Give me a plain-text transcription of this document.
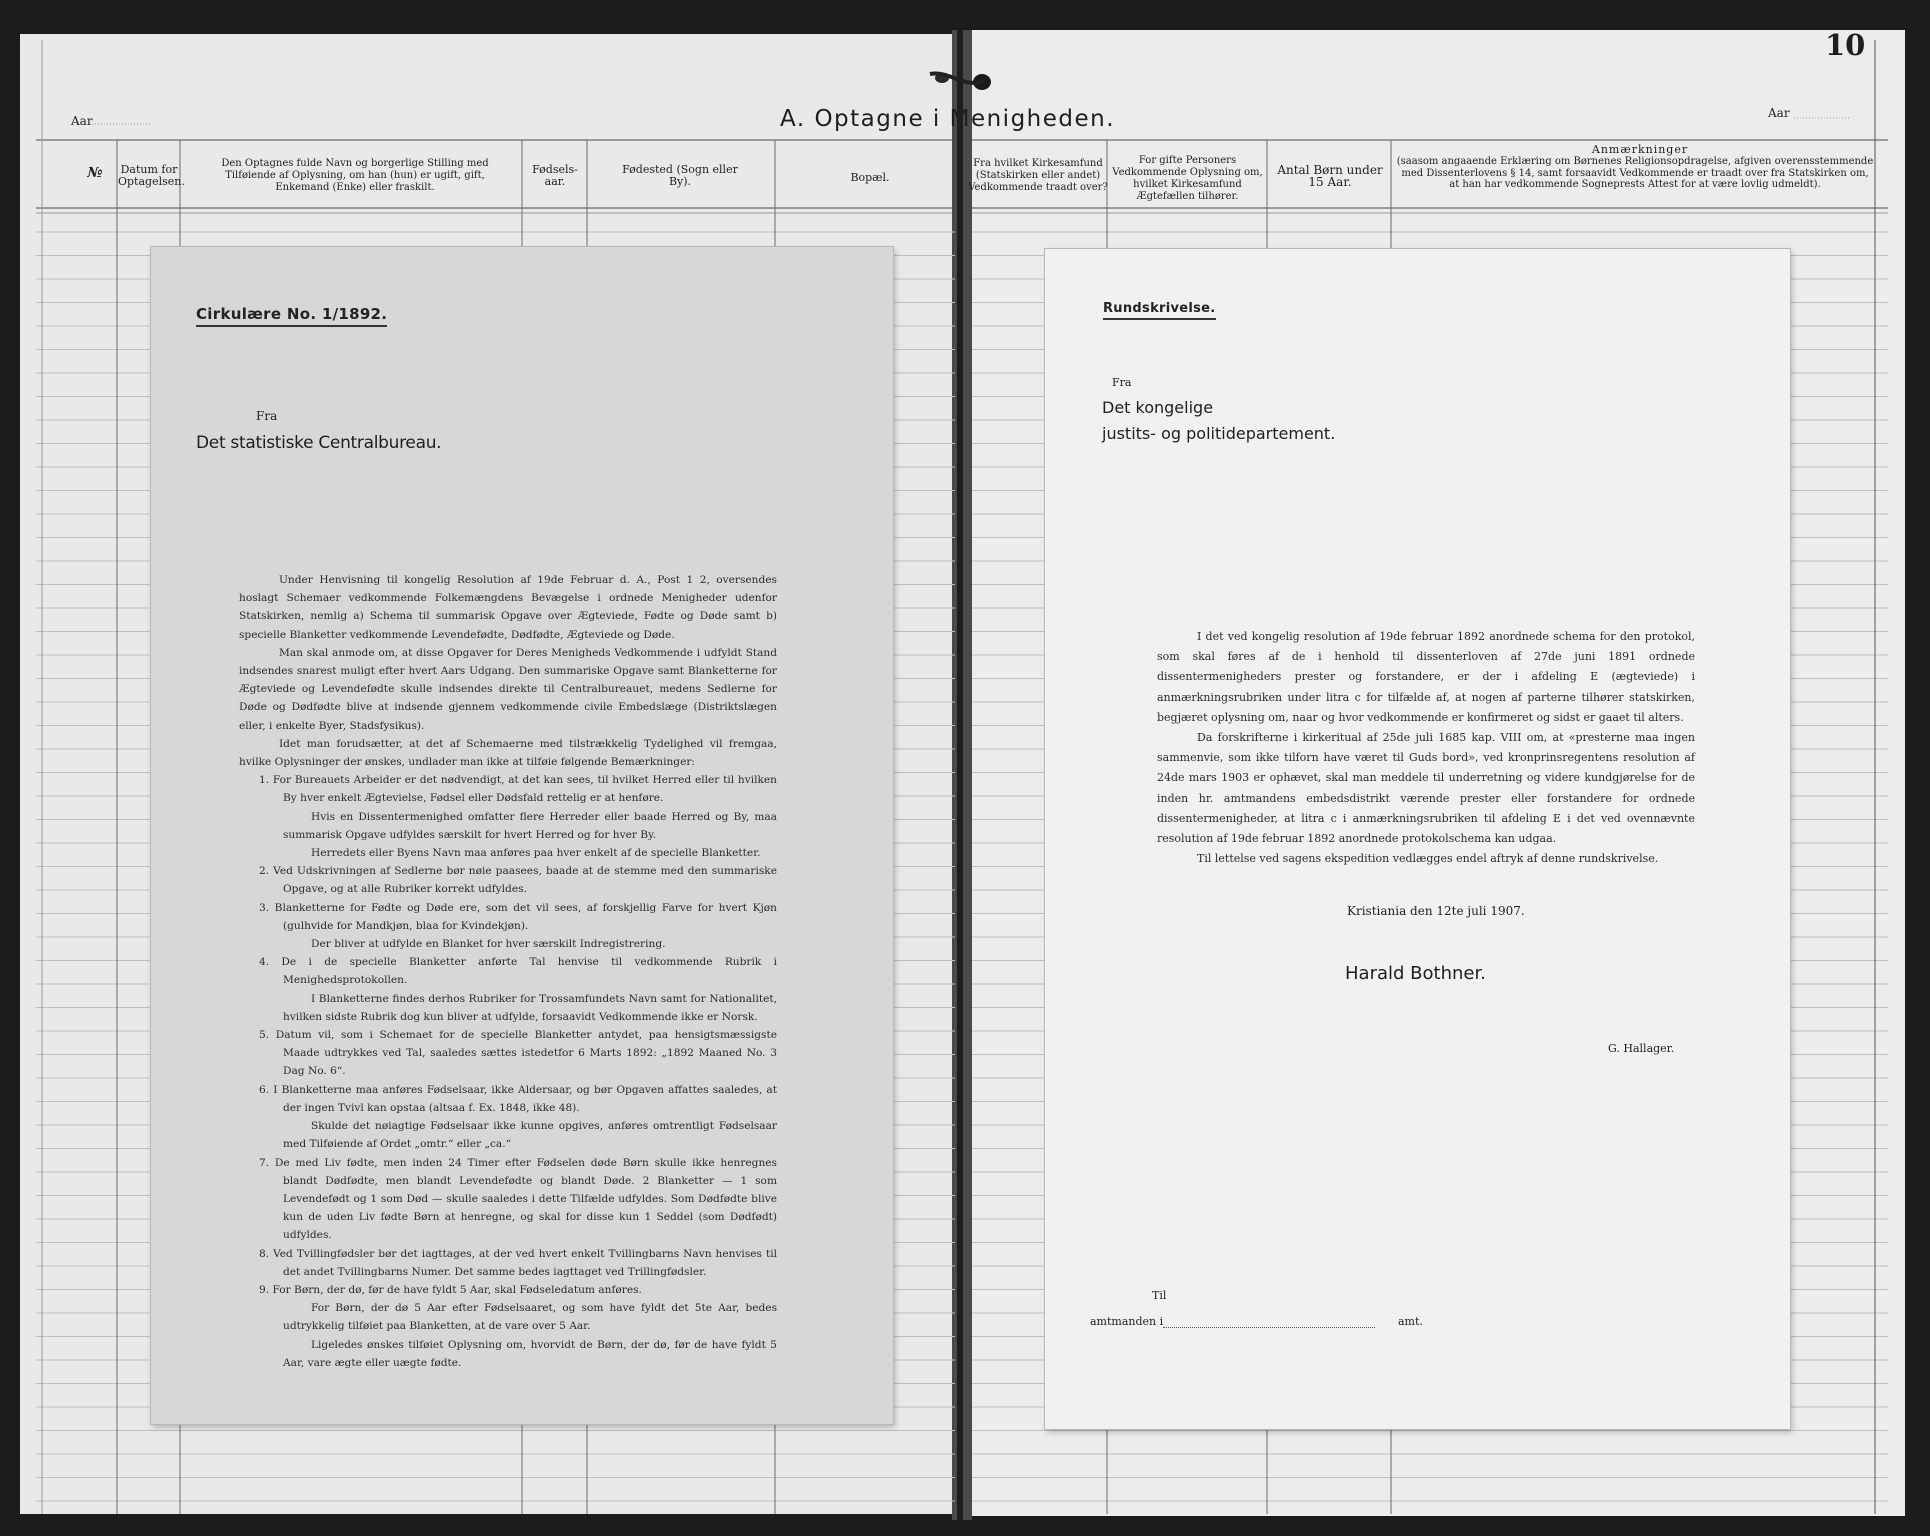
Aar
Aar
A. Optagne i Menigheden.
10
№	Datum for Optagelsen.
Den Optagnes fulde Navn og borgerlige Stilling med Tilføiende af Oplysning, om han (hun) er ugift, gift, Enkemand (Enke) eller fraskilt.
Fødsels-aar.
Fødested (Sogn eller By).	Bopæl.
Fra hvilket Kirkesamfund (Statskirken eller andet) Vedkommende traadt over?
For gifte Personers Vedkommende Oplysning om, hvilket Kirkesamfund Ægtefællen tilhører.
Antal Børn under 15 Aar.
Anmærkninger
(saasom angaaende Erklæring om Børnenes Religionsopdragelse, afgiven overensstemmende med Dissenterlovens § 14, samt forsaavidt Vedkommende er traadt over fra Statskirken om, at han har vedkommende Sogneprests Attest for at være lovlig udmeldt).
Cirkulære No. 1/1892.
Fra
Det statistiske Centralbureau.

Under Henvisning til kongelig Resolution af 19de Februar d. A., Post 1 2, oversendes hoslagt Schemaer vedkommende Folkemængdens Bevægelse i ordnede Menigheder udenfor Statskirken, nemlig a) Schema til summarisk Opgave over Ægteviede, Fødte og Døde samt b) specielle Blanketter vedkommende Levendefødte, Dødfødte, Ægteviede og Døde.

Man skal anmode om, at disse Opgaver for Deres Menigheds Vedkommende i udfyldt Stand indsendes snarest muligt efter hvert Aars Udgang. Den summariske Opgave samt Blanketterne for Ægteviede og Levendefødte skulle indsendes direkte til Centralbureauet, medens Sedlerne for Døde og Dødfødte blive at indsende gjennem vedkommende civile Embedslæge (Distriktslægen eller, i enkelte Byer, Stadsfysikus).

Idet man forudsætter, at det af Schemaerne med tilstrækkelig Tydelighed vil fremgaa, hvilke Oplysninger der ønskes, undlader man ikke at tilføie følgende Bemærkninger:

1. For Bureauets Arbeider er det nødvendigt, at det kan sees, til hvilket Herred eller til hvilken By hver enkelt Ægtevielse, Fødsel eller Dødsfald rettelig er at henføre.

Hvis en Dissentermenighed omfatter flere Herreder eller baade Herred og By, maa summarisk Opgave udfyldes særskilt for hvert Herred og for hver By.

Herredets eller Byens Navn maa anføres paa hver enkelt af de specielle Blanketter.

2. Ved Udskrivningen af Sedlerne bør nøie paasees, baade at de stemme med den summariske Opgave, og at alle Rubriker korrekt udfyldes.

3. Blanketterne for Fødte og Døde ere, som det vil sees, af forskjellig Farve for hvert Kjøn (gulhvide for Mandkjøn, blaa for Kvindekjøn).

Der bliver at udfylde en Blanket for hver særskilt Indregistrering.

4. De i de specielle Blanketter anførte Tal henvise til vedkommende Rubrik i Menighedsprotokollen.

I Blanketterne findes derhos Rubriker for Trossamfundets Navn samt for Nationalitet, hvilken sidste Rubrik dog kun bliver at udfylde, forsaavidt Vedkommende ikke er Norsk.

5. Datum vil, som i Schemaet for de specielle Blanketter antydet, paa hensigtsmæssigste Maade udtrykkes ved Tal, saaledes sættes istedetfor 6 Marts 1892: „1892 Maaned No. 3 Dag No. 6“.

6. I Blanketterne maa anføres Fødselsaar, ikke Aldersaar, og bør Opgaven affattes saaledes, at der ingen Tvivl kan opstaa (altsaa f. Ex. 1848, ikke 48).

Skulde det nøiagtige Fødselsaar ikke kunne opgives, anføres omtrentligt Fødselsaar med Tilføiende af Ordet „omtr.“ eller „ca.“

7. De med Liv fødte, men inden 24 Timer efter Fødselen døde Børn skulle ikke henregnes blandt Dødfødte, men blandt Levendefødte og blandt Døde. 2 Blanketter — 1 som Levendefødt og 1 som Død — skulle saaledes i dette Tilfælde udfyldes. Som Dødfødte blive kun de uden Liv fødte Børn at henregne, og skal for disse kun 1 Seddel (som Dødfødt) udfyldes.

8. Ved Tvillingfødsler bør det iagttages, at der ved hvert enkelt Tvillingbarns Navn henvises til det andet Tvillingbarns Numer. Det samme bedes iagttaget ved Trillingfødsler.

9. For Børn, der dø, før de have fyldt 5 Aar, skal Fødseledatum anføres.

For Børn, der dø 5 Aar efter Fødselsaaret, og som have fyldt det 5te Aar, bedes udtrykkelig tilføiet paa Blanketten, at de vare over 5 Aar.

Ligeledes ønskes tilføiet Oplysning om, hvorvidt de Børn, der dø, før de have fyldt 5 Aar, vare ægte eller uægte fødte.

Rundskrivelse.
Fra
Det kongelige
justits- og politidepartement.

I det ved kongelig resolution af 19de februar 1892 anordnede schema for den protokol, som skal føres af de i henhold til dissenterloven af 27de juni 1891 ordnede dissentermenigheders prester og forstandere, er der i afdeling E (ægteviede) i anmærkningsrubriken under litra c for tilfælde af, at nogen af parterne tilhører statskirken, begjæret oplysning om, naar og hvor vedkommende er konfirmeret og sidst er gaaet til alters.

Da forskrifterne i kirkeritual af 25de juli 1685 kap. VIII om, at «presterne maa ingen sammenvie, som ikke tilforn have været til Guds bord», ved kronprinsregentens resolution af 24de mars 1903 er ophævet, skal man meddele til underretning og videre kundgjørelse for de inden hr. amtmandens embedsdistrikt værende prester eller forstandere for ordnede dissentermenigheder, at litra c i anmærkningsrubriken til afdeling E i det ved ovennævnte resolution af 19de februar 1892 anordnede protokolschema kan udgaa.

Til lettelse ved sagens ekspedition vedlægges endel aftryk af denne rundskrivelse.

Kristiania den 12te juli 1907.
Harald Bothner.
G. Hallager.
Til
amtmanden i	amt.
